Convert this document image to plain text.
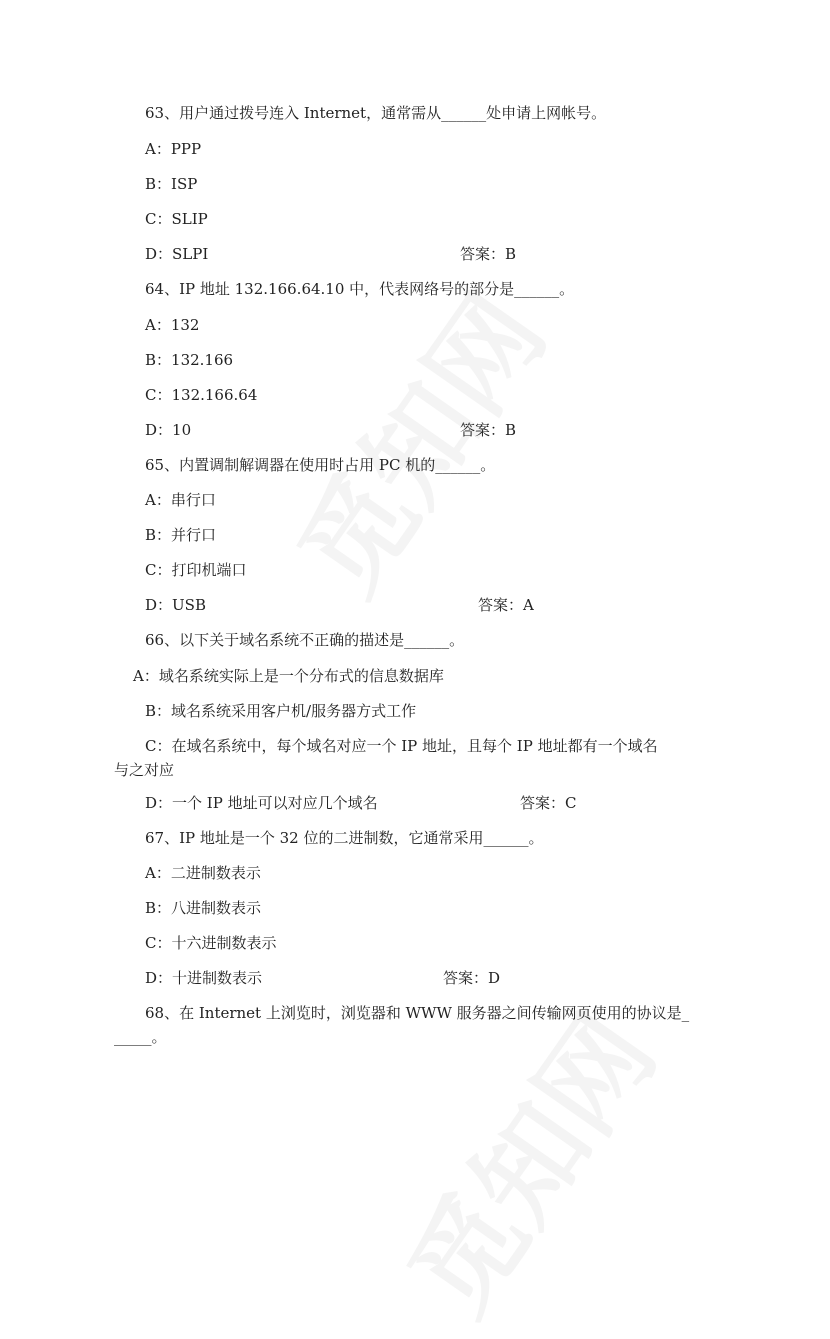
63、用户通过拨号连入 Internet，通常需从______处申请上网帐号。
A：PPP
B：ISP
C：SLIP
D：SLPI	答案：B
64、IP 地址 132.166.64.10 中，代表网络号的部分是______。
A：132
B：132.166
C：132.166.64
D：10	答案：B
65、内置调制解调器在使用时占用 PC 机的______。
A：串行口
B：并行口
C：打印机端口
D：USB	答案：A
66、以下关于域名系统不正确的描述是______。
A：域名系统实际上是一个分布式的信息数据库
B：域名系统采用客户机/服务器方式工作
C：在域名系统中，每个域名对应一个 IP 地址，且每个 IP 地址都有一个域名
与之对应
D：一个 IP 地址可以对应几个域名	答案：C
67、IP 地址是一个 32 位的二进制数，它通常采用______。
A：二进制数表示
B：八进制数表示
C：十六进制数表示
D：十进制数表示	答案：D
68、在 Internet 上浏览时，浏览器和 WWW 服务器之间传输网页使用的协议是_
_____。
